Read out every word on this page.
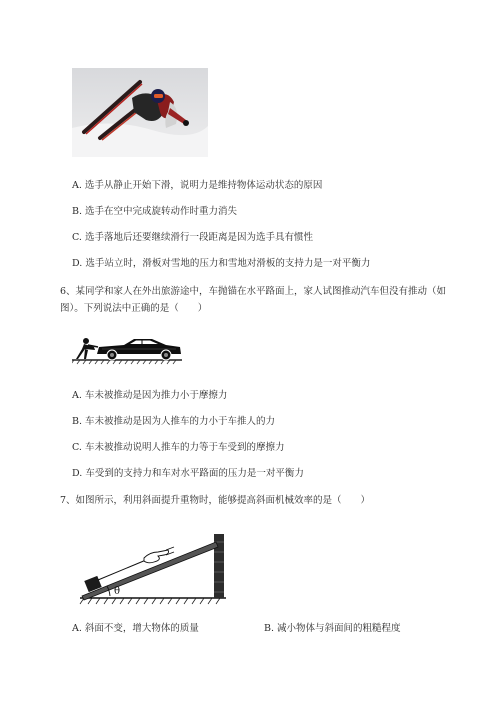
A. 选手从静止开始下滑，说明力是维持物体运动状态的原因
B. 选手在空中完成旋转动作时重力消失
C. 选手落地后还要继续滑行一段距离是因为选手具有惯性
D. 选手站立时，滑板对雪地的压力和雪地对滑板的支持力是一对平衡力
6、某同学和家人在外出旅游途中，车抛锚在水平路面上，家人试图推动汽车但没有推动（如图）。下列说法中正确的是（　　）
A. 车未被推动是因为推力小于摩擦力
B. 车未被推动是因为人推车的力小于车推人的力
C. 车未被推动说明人推车的力等于车受到的摩擦力
D. 车受到的支持力和车对水平路面的压力是一对平衡力
7、如图所示，利用斜面提升重物时，能够提高斜面机械效率的是（　　）
θ
A. 斜面不变，增大物体的质量	B. 减小物体与斜面间的粗糙程度
